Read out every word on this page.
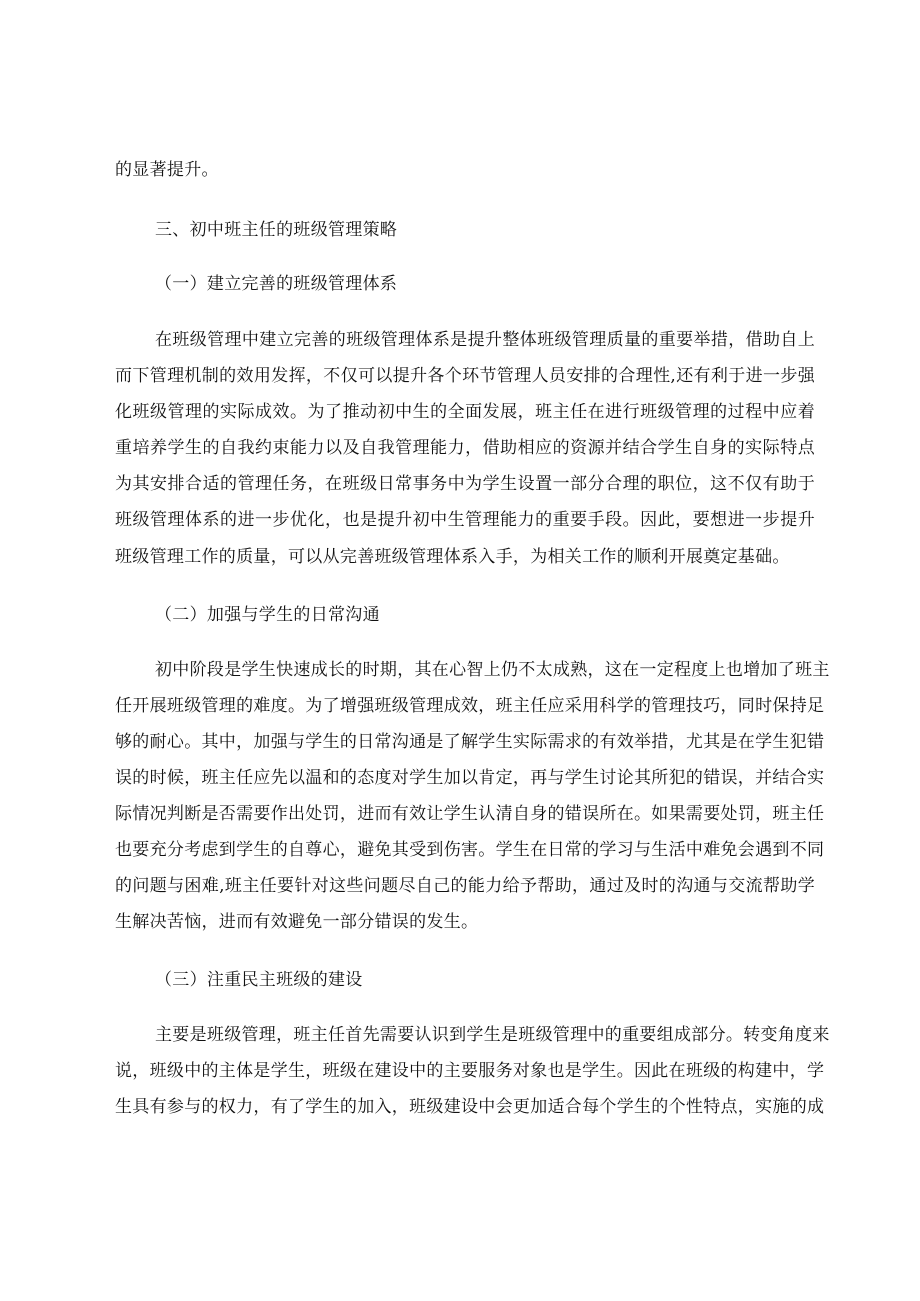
的显著提升。
三、初中班主任的班级管理策略
（一）建立完善的班级管理体系
在班级管理中建立完善的班级管理体系是提升整体班级管理质量的重要举措，借助自上
而下管理机制的效用发挥，不仅可以提升各个环节管理人员安排的合理性,还有利于进一步强
化班级管理的实际成效。为了推动初中生的全面发展，班主任在进行班级管理的过程中应着
重培养学生的自我约束能力以及自我管理能力，借助相应的资源并结合学生自身的实际特点
为其安排合适的管理任务，在班级日常事务中为学生设置一部分合理的职位，这不仅有助于
班级管理体系的进一步优化，也是提升初中生管理能力的重要手段。因此，要想进一步提升
班级管理工作的质量，可以从完善班级管理体系入手，为相关工作的顺利开展奠定基础。
（二）加强与学生的日常沟通
初中阶段是学生快速成长的时期，其在心智上仍不太成熟，这在一定程度上也增加了班主
任开展班级管理的难度。为了增强班级管理成效，班主任应采用科学的管理技巧，同时保持足
够的耐心。其中，加强与学生的日常沟通是了解学生实际需求的有效举措，尤其是在学生犯错
误的时候，班主任应先以温和的态度对学生加以肯定，再与学生讨论其所犯的错误，并结合实
际情况判断是否需要作出处罚，进而有效让学生认清自身的错误所在。如果需要处罚，班主任
也要充分考虑到学生的自尊心，避免其受到伤害。学生在日常的学习与生活中难免会遇到不同
的问题与困难,班主任要针对这些问题尽自己的能力给予帮助，通过及时的沟通与交流帮助学
生解决苦恼，进而有效避免一部分错误的发生。
（三）注重民主班级的建设
主要是班级管理，班主任首先需要认识到学生是班级管理中的重要组成部分。转变角度来
说，班级中的主体是学生，班级在建设中的主要服务对象也是学生。因此在班级的构建中，学
生具有参与的权力，有了学生的加入，班级建设中会更加适合每个学生的个性特点，实施的成
